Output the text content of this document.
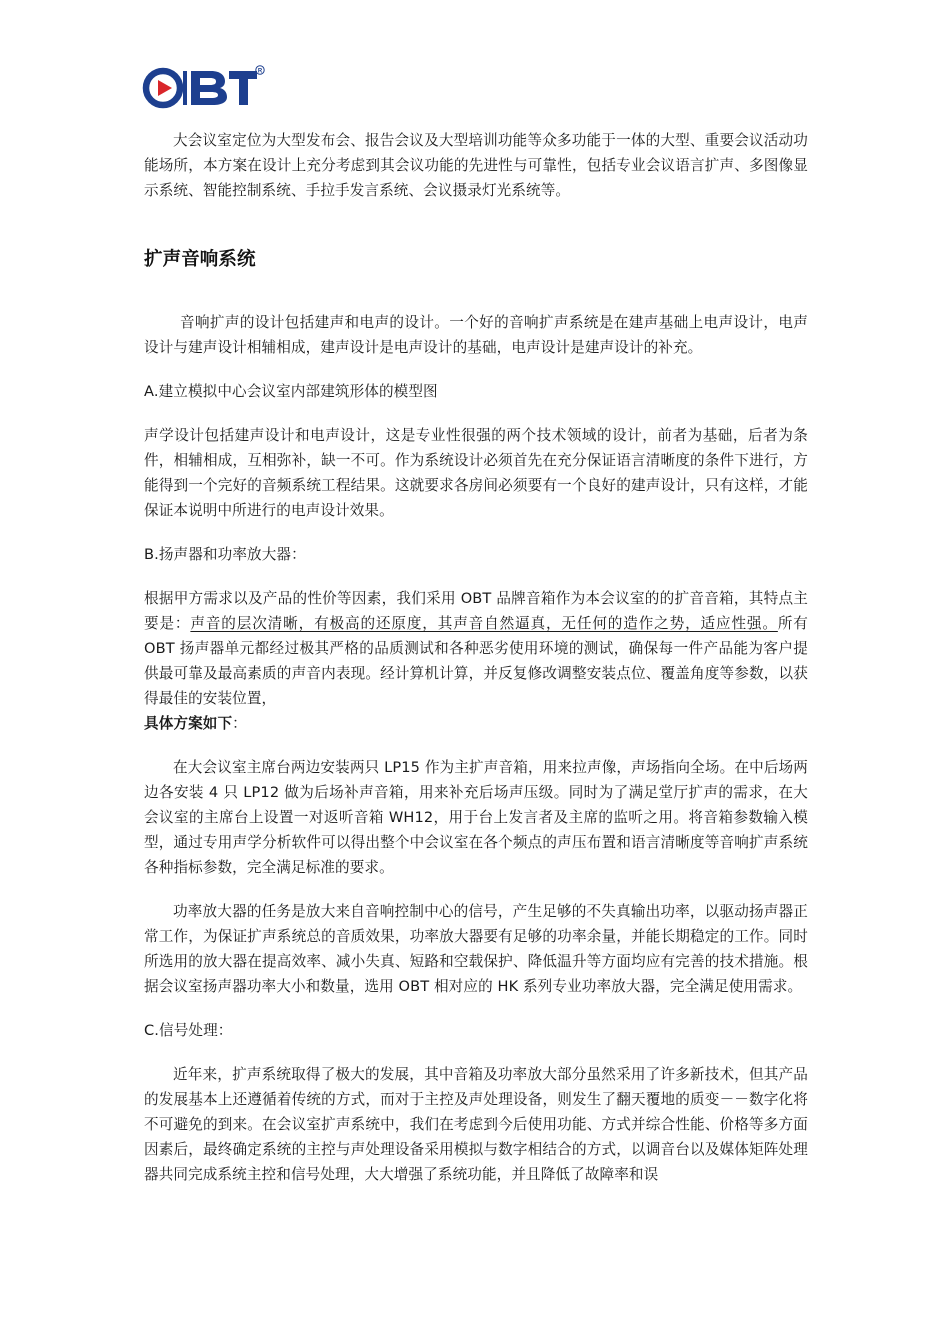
R

大会议室定位为大型发布会、报告会议及大型培训功能等众多功能于一体的大型、重要会议活动功能场所，本方案在设计上充分考虑到其会议功能的先进性与可靠性，包括专业会议语言扩声、多图像显示系统、智能控制系统、手拉手发言系统、会议摄录灯光系统等。

扩声音响系统

音响扩声的设计包括建声和电声的设计。一个好的音响扩声系统是在建声基础上电声设计，电声设计与建声设计相辅相成，建声设计是电声设计的基础，电声设计是建声设计的补充。

A.建立模拟中心会议室内部建筑形体的模型图

声学设计包括建声设计和电声设计，这是专业性很强的两个技术领域的设计，前者为基础，后者为条件，相辅相成，互相弥补，缺一不可。作为系统设计必须首先在充分保证语言清晰度的条件下进行，方能得到一个完好的音频系统工程结果。这就要求各房间必须要有一个良好的建声设计，只有这样，才能保证本说明中所进行的电声设计效果。

B.扬声器和功率放大器：

根据甲方需求以及产品的性价等因素，我们采用 OBT 品牌音箱作为本会议室的的扩音音箱，其特点主要是：声音的层次清晰，有极高的还原度，其声音自然逼真，无任何的造作之势，适应性强。所有 OBT 扬声器单元都经过极其严格的品质测试和各种恶劣使用环境的测试，确保每一件产品能为客户提供最可靠及最高素质的声音内表现。经计算机计算，并反复修改调整安装点位、覆盖角度等参数，以获得最佳的安装位置，

具体方案如下：

在大会议室主席台两边安装两只 LP15 作为主扩声音箱，用来拉声像，声场指向全场。在中后场两边各安装 4 只 LP12 做为后场补声音箱，用来补充后场声压级。同时为了满足堂厅扩声的需求，在大会议室的主席台上设置一对返听音箱 WH12，用于台上发言者及主席的监听之用。将音箱参数输入模型，通过专用声学分析软件可以得出整个中会议室在各个频点的声压布置和语言清晰度等音响扩声系统各种指标参数，完全满足标准的要求。

功率放大器的任务是放大来自音响控制中心的信号，产生足够的不失真输出功率，以驱动扬声器正常工作，为保证扩声系统总的音质效果，功率放大器要有足够的功率余量，并能长期稳定的工作。同时所选用的放大器在提高效率、减小失真、短路和空载保护、降低温升等方面均应有完善的技术措施。根据会议室扬声器功率大小和数量，选用 OBT 相对应的 HK 系列专业功率放大器，完全满足使用需求。

C.信号处理：

近年来，扩声系统取得了极大的发展，其中音箱及功率放大部分虽然采用了许多新技术，但其产品的发展基本上还遵循着传统的方式，而对于主控及声处理设备，则发生了翻天覆地的质变－－数字化将不可避免的到来。在会议室扩声系统中，我们在考虑到今后使用功能、方式并综合性能、价格等多方面因素后，最终确定系统的主控与声处理设备采用模拟与数字相结合的方式，以调音台以及媒体矩阵处理器共同完成系统主控和信号处理，大大增强了系统功能，并且降低了故障率和误
